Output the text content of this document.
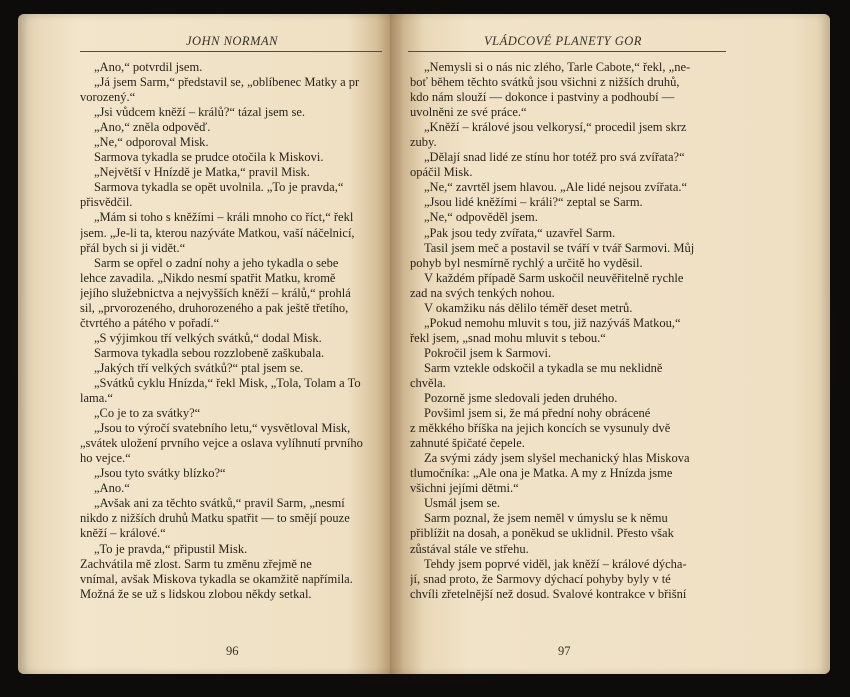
JOHN NORMAN
„Ano,“ potvrdil jsem.
„Já jsem Sarm,“ představil se, „oblíbenec Matky a pr
vorozený.“
„Jsi vůdcem kněží – králů?“ tázal jsem se.
„Ano,“ zněla odpověď.
„Ne,“ odporoval Misk.
Sarmova tykadla se prudce otočila k Miskovi.
„Největší v Hnízdě je Matka,“ pravil Misk.
Sarmova tykadla se opět uvolnila. „To je pravda,“
přisvědčil.
„Mám si toho s kněžími – králi mnoho co říct,“ řekl
jsem. „Je-li ta, kterou nazýváte Matkou, vaší náčelnicí,
přál bych si ji vidět.“
Sarm se opřel o zadní nohy a jeho tykadla o sebe
lehce zavadila. „Nikdo nesmí spatřit Matku, kromě
jejího služebnictva a nejvyšších kněží – králů,“ prohlá
sil, „prvorozeného, druhorozeného a pak ještě třetího,
čtvrtého a pátého v pořadí.“
„S výjimkou tří velkých svátků,“ dodal Misk.
Sarmova tykadla sebou rozzlobeně zaškubala.
„Jakých tří velkých svátků?“ ptal jsem se.
„Svátků cyklu Hnízda,“ řekl Misk, „Tola, Tolam a To
lama.“
„Co je to za svátky?“
„Jsou to výročí svatebního letu,“ vysvětloval Misk,
„svátek uložení prvního vejce a oslava vylíhnutí prvního
ho vejce.“
„Jsou tyto svátky blízko?“
„Ano.“
„Avšak ani za těchto svátků,“ pravil Sarm, „nesmí
nikdo z nižších druhů Matku spatřit — to smějí pouze
kněží – králové.“
„To je pravda,“ připustil Misk.
Zachvátila mě zlost. Sarm tu změnu zřejmě ne
vnímal, avšak Miskova tykadla se okamžitě napřímila.
Možná že se už s lidskou zlobou někdy setkal.
96
VLÁDCOVÉ PLANETY GOR
„Nemysli si o nás nic zlého, Tarle Cabote,“ řekl, „ne-
boť během těchto svátků jsou všichni z nižších druhů,
kdo nám slouží — dokonce i pastviny a podhoubí —
uvolněni ze své práce.“
„Kněží – králové jsou velkorysí,“ procedil jsem skrz
zuby.
„Dělají snad lidé ze stínu hor totéž pro svá zvířata?“
opáčil Misk.
„Ne,“ zavrtěl jsem hlavou. „Ale lidé nejsou zvířata.“
„Jsou lidé kněžími – králi?“ zeptal se Sarm.
„Ne,“ odpověděl jsem.
„Pak jsou tedy zvířata,“ uzavřel Sarm.
Tasil jsem meč a postavil se tváří v tvář Sarmovi. Můj
pohyb byl nesmírně rychlý a určitě ho vyděsil.
V každém případě Sarm uskočil neuvěřitelně rychle
zad na svých tenkých nohou.
V okamžiku nás dělilo téměř deset metrů.
„Pokud nemohu mluvit s tou, již nazýváš Matkou,“
řekl jsem, „snad mohu mluvit s tebou.“
Pokročil jsem k Sarmovi.
Sarm vztekle odskočil a tykadla se mu neklidně
chvěla.
Pozorně jsme sledovali jeden druhého.
Povšiml jsem si, že má přední nohy obrácené
z měkkého bříška na jejich koncích se vysunuly dvě
zahnuté špičaté čepele.
Za svými zády jsem slyšel mechanický hlas Miskova
tlumočníka: „Ale ona je Matka. A my z Hnízda jsme
všichni jejími dětmi.“
Usmál jsem se.
Sarm poznal, že jsem neměl v úmyslu se k němu
přiblížit na dosah, a poněkud se uklidnil. Přesto však
zůstával stále ve střehu.
Tehdy jsem poprvé viděl, jak kněží – králové dýcha-
jí, snad proto, že Sarmovy dýchací pohyby byly v té
chvíli zřetelnější než dosud. Svalové kontrakce v břišní
97
